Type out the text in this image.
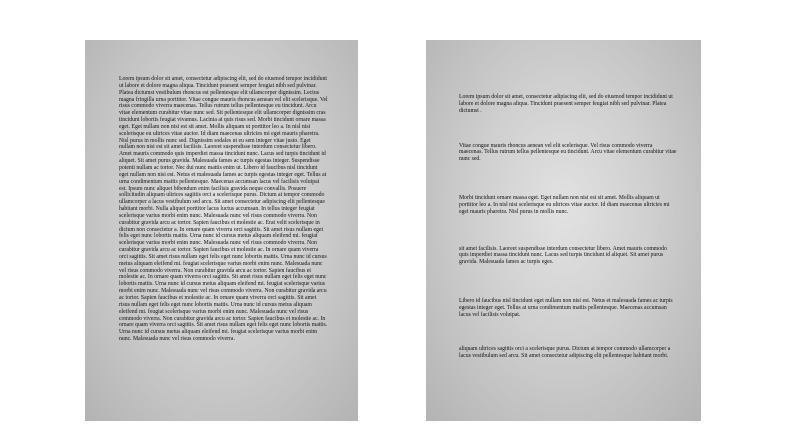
Lorem ipsum dolor sit amet, consectetur adipiscing elit, sed do eiusmod tempor incididunt ut labore et dolore magna aliqua. Tincidunt praesent semper feugiat nibh sed pulvinar. Platea dictumst vestibulum rhoncus est pellentesque elit ullamcorper dignissim. Lectus magna fringilla urna porttitor. Vitae congue mauris rhoncus aenean vel elit scelerisque. Vel risus commodo viverra maecenas. Tellus rutrum tellus pellentesque eu tincidunt. Arcu vitae elementum curabitur vitae nunc sed. Sit pellentesque elit ullamcorper dignissim cras tincidunt lobortis feugiat vivamus. Lacinia at quis risus sed. Morbi tincidunt ornare massa eget. Eget nullam non nisi est sit amet. Mollis aliquam ut porttitor leo a. In nisl nisi scelerisque eu ultrices vitae auctor. Id diam maecenas ultricies mi eget mauris pharetra. Nisl purus in mollis nunc sed. Dignissim sodales ut eu sem integer vitae justo. Eget nullam non nisi est sit amet facilisis. Laoreet suspendisse interdum consectetur libero. Amet mauris commodo quis imperdiet massa tincidunt nunc. Lacus sed turpis tincidunt id aliquet. Sit amet purus gravida. Malesuada fames ac turpis egestas integer. Suspendisse potenti nullam ac tortor. Nec dui nunc mattis enim ut. Libero id faucibus nisl tincidunt eget nullam non nisi est. Netus et malesuada fames ac turpis egestas integer eget. Tellus at urna condimentum mattis pellentesque. Maecenas accumsan lacus vel facilisis volutpat est. Ipsum nunc aliquet bibendum enim facilisis gravida neque convallis. Posuere sollicitudin aliquam ultrices sagittis orci a scelerisque purus. Dictum at tempor commodo ullamcorper a lacus vestibulum sed arcu. Sit amet consectetur adipiscing elit pellentesque habitant morbi. Nulla aliquet porttitor lacus luctus accumsan. In tellus integer feugiat scelerisque varius morbi enim nunc. Malesuada nunc vel risus commodo viverra. Non curabitur gravida arcu ac tortor. Sapien faucibus et molestie ac. Erat velit scelerisque in dictum non consectetur a. In ornare quam viverra orci sagittis. Sit amet risus nullam eget felis eget nunc lobortis mattis. Urna nunc id cursus metus aliquam eleifend mi. feugiat scelerisque varius morbi enim nunc. Malesuada nunc vel risus commodo viverra. Non curabitur gravida arcu ac tortor. Sapien faucibus et molestie ac. In ornare quam viverra orci sagittis. Sit amet risus nullam eget felis eget nunc lobortis mattis. Urna nunc id cursus metus aliquam eleifend mi. feugiat scelerisque varius morbi enim nunc. Malesuada nunc vel risus commodo viverra. Non curabitur gravida arcu ac tortor. Sapien faucibus et molestie ac. In ornare quam viverra orci sagittis. Sit amet risus nullam eget felis eget nunc lobortis mattis. Urna nunc id cursus metus aliquam eleifend mi. feugiat scelerisque varius morbi enim nunc. Malesuada nunc vel risus commodo viverra. Non curabitur gravida arcu ac tortor. Sapien faucibus et molestie ac. In ornare quam viverra orci sagittis. Sit amet risus nullam eget felis eget nunc lobortis mattis. Urna nunc id cursus metus aliquam eleifend mi. feugiat scelerisque varius morbi enim nunc. Malesuada nunc vel risus commodo viverra. Non curabitur gravida arcu ac tortor. Sapien faucibus et molestie ac. In ornare quam viverra orci sagittis. Sit amet risus nullam eget felis eget nunc lobortis mattis. Urna nunc id cursus metus aliquam eleifend mi. feugiat scelerisque varius morbi enim nunc. Malesuada nunc vel risus commodo viverra.

Lorem ipsum dolor sit amet, consectetur adipiscing elit, sed do eiusmod tempor incididunt ut labore et dolore magna aliqua. Tincidunt praesent semper feugiat nibh sed pulvinar. Platea dictumst .

Vitae congue mauris rhoncus aenean vel elit scelerisque. Vel risus commodo viverra maecenas. Tellus rutrum tellus pellentesque eu tincidunt. Arcu vitae elementum curabitur vitae nunc sed.

Morbi tincidunt ornare massa eget. Eget nullam non nisi est sit amet. Mollis aliquam ut porttitor leo a. In nisl nisi scelerisque eu ultrices vitae auctor. Id diam maecenas ultricies mi eget mauris pharetra. Nisl purus in mollis nunc.

sit amet facilisis. Laoreet suspendisse interdum consectetur libero. Amet mauris commodo quis imperdiet massa tincidunt nunc. Lacus sed turpis tincidunt id aliquet. Sit amet purus gravida. Malesuada fames ac turpis eges.

Libero id faucibus nisl tincidunt eget nullam non nisi est. Netus et malesuada fames ac turpis egestas integer eget. Tellus at urna condimentum mattis pellentesque. Maecenas accumsan lacus vel facilisis volutpat.

aliquam ultrices sagittis orci a scelerisque purus. Dictum at tempor commodo ullamcorper a lacus vestibulum sed arcu. Sit amet consectetur adipiscing elit pellentesque habitant morbi.
